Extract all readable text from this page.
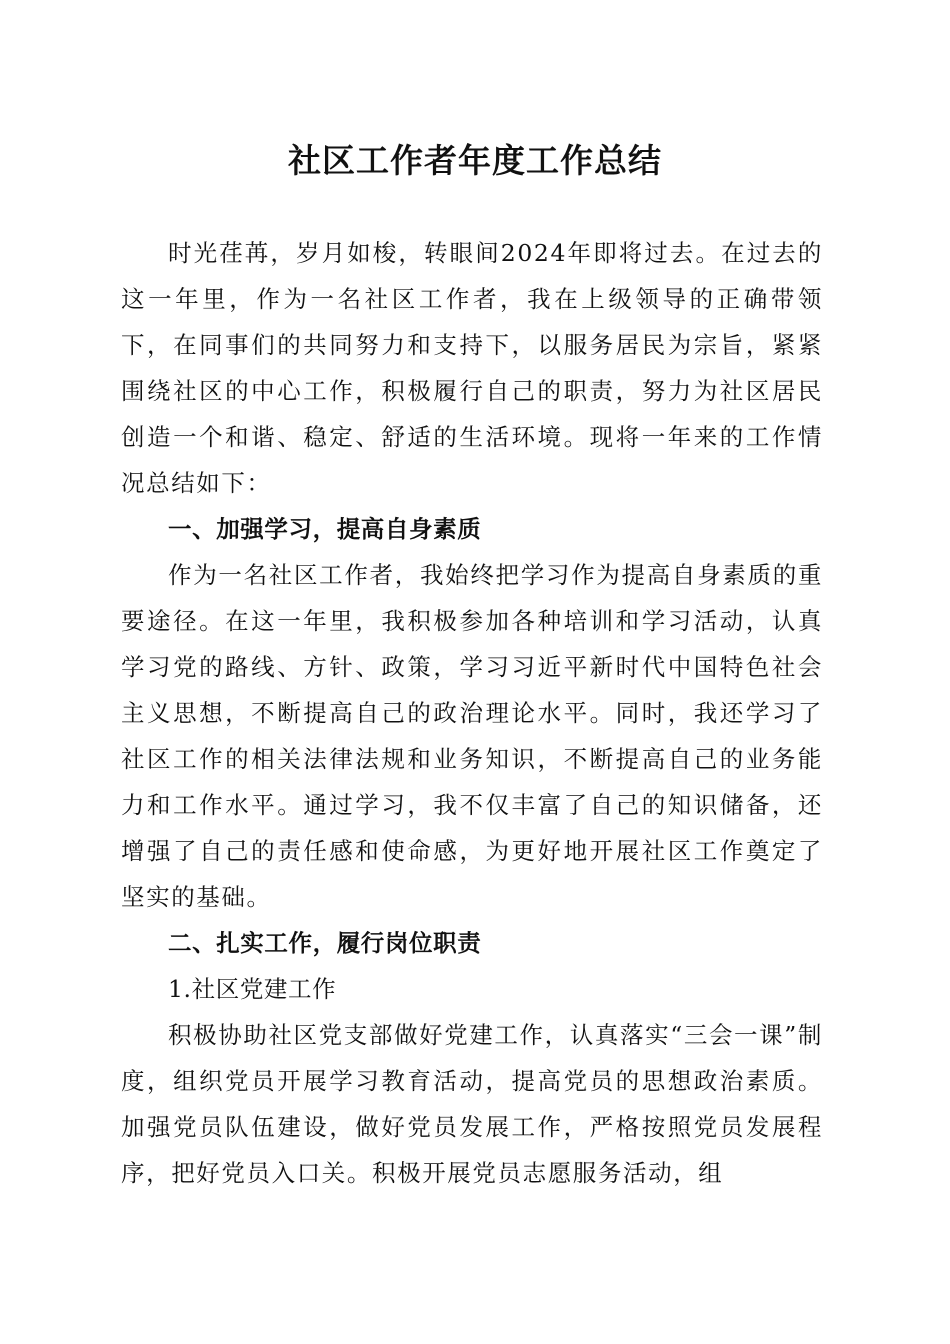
社区工作者年度工作总结

时光荏苒，岁月如梭，转眼间2024年即将过去。在过去的这一年里，作为一名社区工作者，我在上级领导的正确带领下，在同事们的共同努力和支持下，以服务居民为宗旨，紧紧围绕社区的中心工作，积极履行自己的职责，努力为社区居民创造一个和谐、稳定、舒适的生活环境。现将一年来的工作情况总结如下：

一、加强学习，提高自身素质

作为一名社区工作者，我始终把学习作为提高自身素质的重要途径。在这一年里，我积极参加各种培训和学习活动，认真学习党的路线、方针、政策，学习习近平新时代中国特色社会主义思想，不断提高自己的政治理论水平。同时，我还学习了社区工作的相关法律法规和业务知识，不断提高自己的业务能力和工作水平。通过学习，我不仅丰富了自己的知识储备，还增强了自己的责任感和使命感，为更好地开展社区工作奠定了坚实的基础。

二、扎实工作，履行岗位职责

1.社区党建工作

积极协助社区党支部做好党建工作，认真落实“三会一课”制度，组织党员开展学习教育活动，提高党员的思想政治素质。加强党员队伍建设，做好党员发展工作，严格按照党员发展程序，把好党员入口关。积极开展党员志愿服务活动，组
